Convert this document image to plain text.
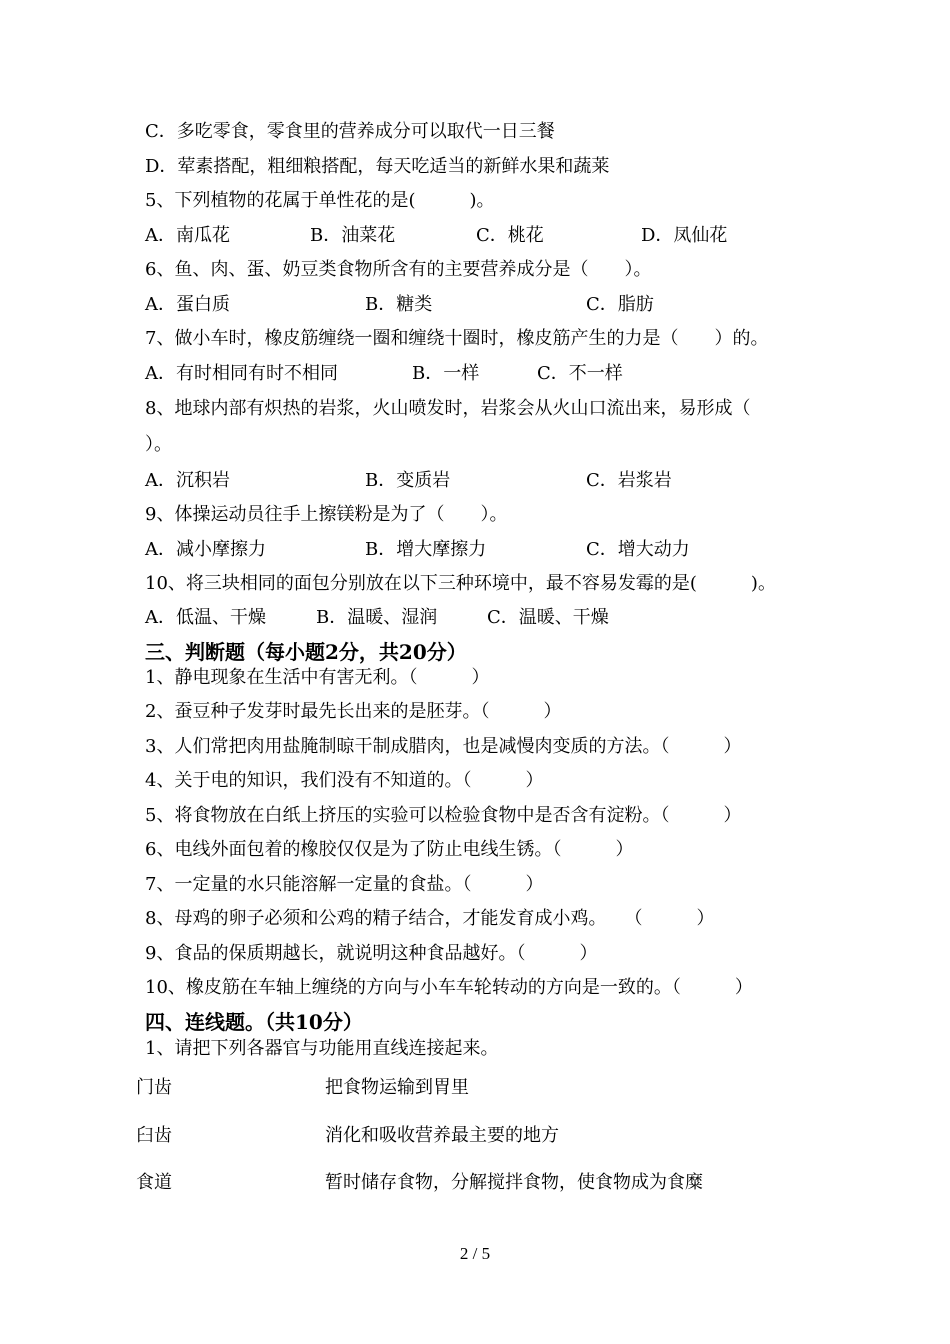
C．多吃零食，零食里的营养成分可以取代一日三餐
D．荤素搭配，粗细粮搭配，每天吃适当的新鲜水果和蔬莱
5、下列植物的花属于单性花的是(　　　)。
A．南瓜花	B．油菜花	C．桃花	D．凤仙花
6、鱼、肉、蛋、奶豆类食物所含有的主要营养成分是（　　）。
A．蛋白质	B．糖类	C．脂肪
7、做小车时，橡皮筋缠绕一圈和缠绕十圈时，橡皮筋产生的力是（　　）的。
A．有时相同有时不相同	B．一样	C．不一样
8、地球内部有炽热的岩浆，火山喷发时，岩浆会从火山口流出来，易形成（
）。
A．沉积岩	B．变质岩	C．岩浆岩
9、体操运动员往手上擦镁粉是为了（　　）。
A．减小摩擦力	B．增大摩擦力	C．增大动力
10、将三块相同的面包分别放在以下三种环境中，最不容易发霉的是(　　　)。
A．低温、干燥	B．温暖、湿润	C．温暖、干燥
三、判断题（每小题2分，共20分）
1、静电现象在生活中有害无利。（　　　）
2、蚕豆种子发芽时最先长出来的是胚芽。（　　　）
3、人们常把肉用盐腌制晾干制成腊肉，也是减慢肉变质的方法。（　　　）
4、关于电的知识，我们没有不知道的。（　　　）
5、将食物放在白纸上挤压的实验可以检验食物中是否含有淀粉。（　　　）
6、电线外面包着的橡胶仅仅是为了防止电线生锈。（　　　）
7、一定量的水只能溶解一定量的食盐。（　　　）
8、母鸡的卵子必须和公鸡的精子结合，才能发育成小鸡。　　（　　　）
9、食品的保质期越长，就说明这种食品越好。（　　　）
10、橡皮筋在车轴上缠绕的方向与小车车轮转动的方向是一致的。（　　　）
四、连线题。（共10分）
1、请把下列各器官与功能用直线连接起来。
门齿	把食物运输到胃里
臼齿	消化和吸收营养最主要的地方
食道	暂时储存食物，分解搅拌食物，使食物成为食糜
2 / 5
